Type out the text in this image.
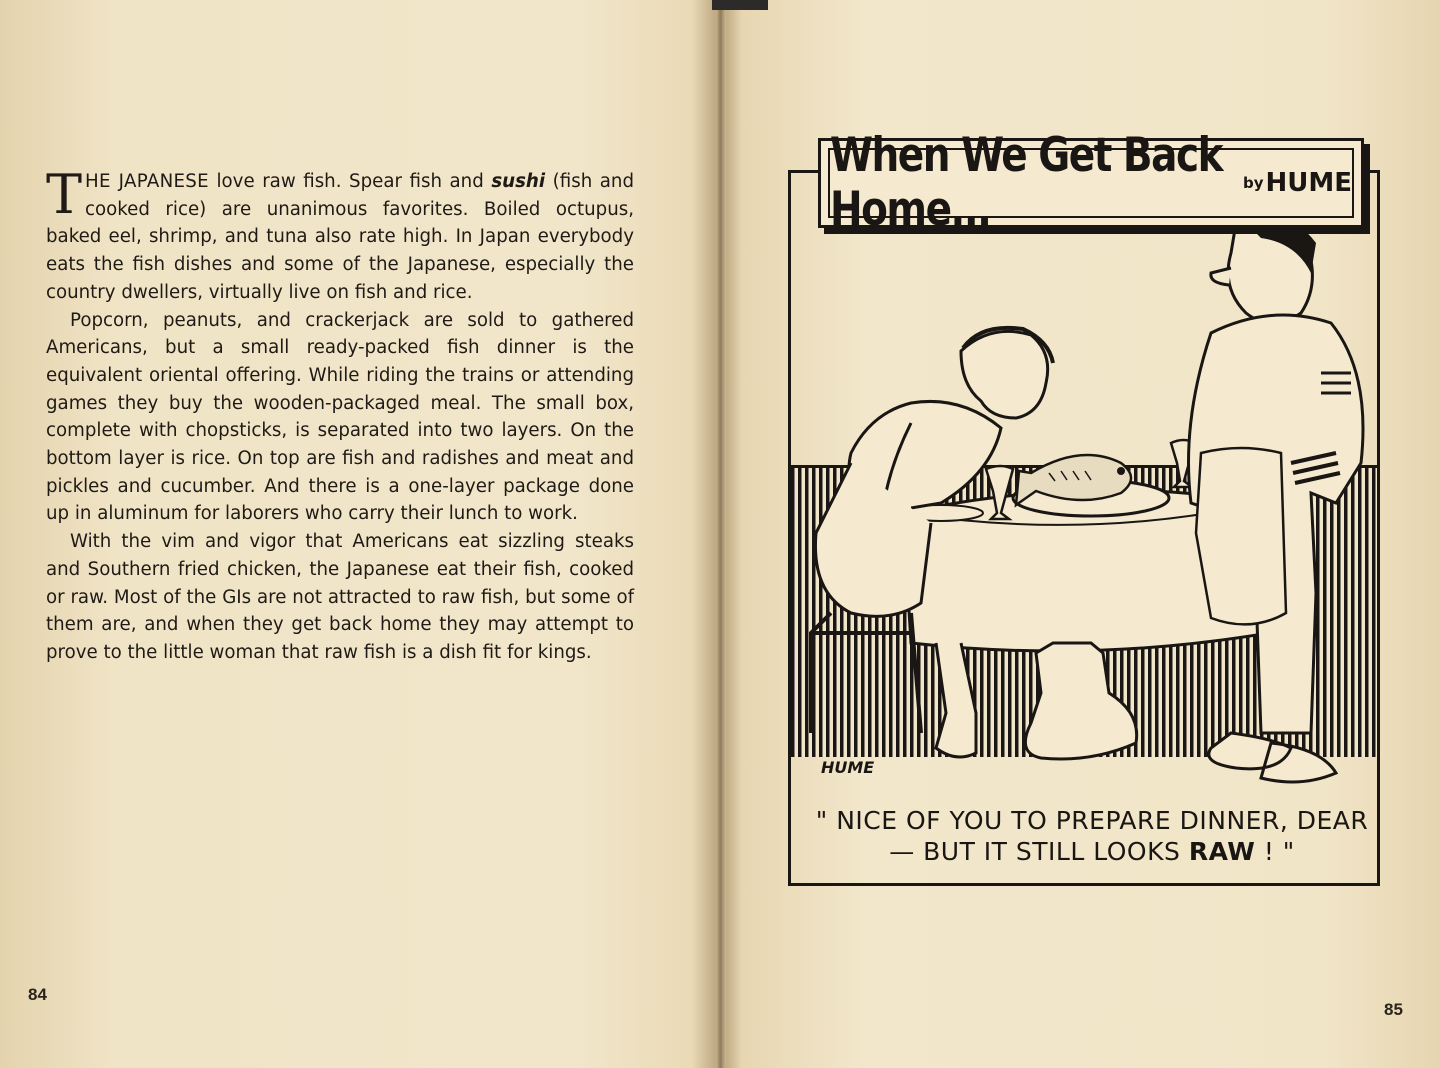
THE JAPANESE love raw fish. Spear fish and sushi (fish and cooked rice) are unanimous favorites. Boiled octupus, baked eel, shrimp, and tuna also rate high. In Japan everybody eats the fish dishes and some of the Japanese, especially the country dwellers, virtually live on fish and rice.

Popcorn, peanuts, and crackerjack are sold to gathered Americans, but a small ready-packed fish dinner is the equivalent oriental offering. While riding the trains or attending games they buy the wooden-packaged meal. The small box, complete with chopsticks, is separated into two layers. On the bottom layer is rice. On top are fish and radishes and meat and pickles and cucumber. And there is a one-layer package done up in aluminum for laborers who carry their lunch to work.

With the vim and vigor that Americans eat sizzling steaks and Southern fried chicken, the Japanese eat their fish, cooked or raw. Most of the GIs are not attracted to raw fish, but some of them are, and when they get back home they may attempt to prove to the little woman that raw fish is a dish fit for kings.

84
When We Get Back Home...	by HUME
HUME
" NICE OF YOU TO PREPARE DINNER, DEAR
— BUT IT STILL LOOKS RAW ! "
85
